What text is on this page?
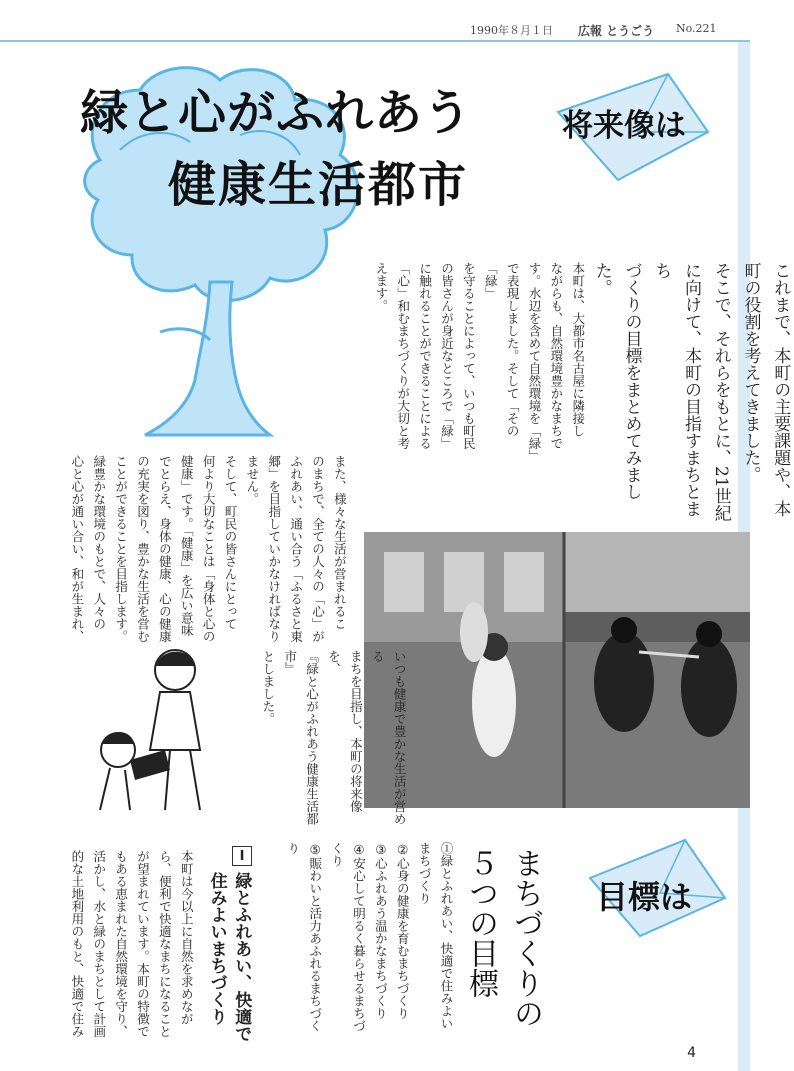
1990年８月１日 広報 とうごう No.221
緑と心がふれあう
健康生活都市
将来像は
これまで、本町の主要課題や、本
町の役割を考えてきました。
そこで、それらをもとに、21世紀
に向けて、本町の目指すまちとまち
づくりの目標をまとめてみました。
本町は、大都市名古屋に隣接し
ながらも、自然環境豊かなまちで
す。水辺を含めて自然環境を「緑」
で表現しました。そして「その「緑」
を守ることによって、いつも町民
の皆さんが身近なところで「緑」
に触れることができることによる
「心」和むまちづくりが大切と考
えます。
また、様々な生活が営まれるこ
のまちで、全ての人々の「心」が
ふれあい、通い合う「ふるさと東
郷」を目指していかなければなり
ません。
そして、町民の皆さんにとって
何より大切なことは「身体と心の
健康」です。「健康」を広い意味
でとらえ、身体の健康、心の健康
の充実を図り、豊かな生活を営む
ことができることを目指します。
緑豊かな環境のもとで、人々の
心と心が通い合い、和が生まれ、
いつも健康で豊かな生活が営める
まちを目指し、本町の将来像を、
『緑と心がふれあう健康生活都市』
としました。
目標は
まちづくりの
５つの目標
①緑とふれあい、快適で住みよい
まちづくり
②心身の健康を育むまちづくり
③心ふれあう温かなまちづくり
④安心して明るく暮らせるまちづ
くり
⑤賑わいと活力あふれるまちづく
り
Ⅰ
緑とふれあい、快適で
住みよいまちづくり
本町は今以上に自然を求めなが
ら、便利で快適なまちになること
が望まれています。本町の特徴で
もある恵まれた自然環境を守り、
活かし、水と緑のまちとして計画
的な土地利用のもと、快適で住み
4
